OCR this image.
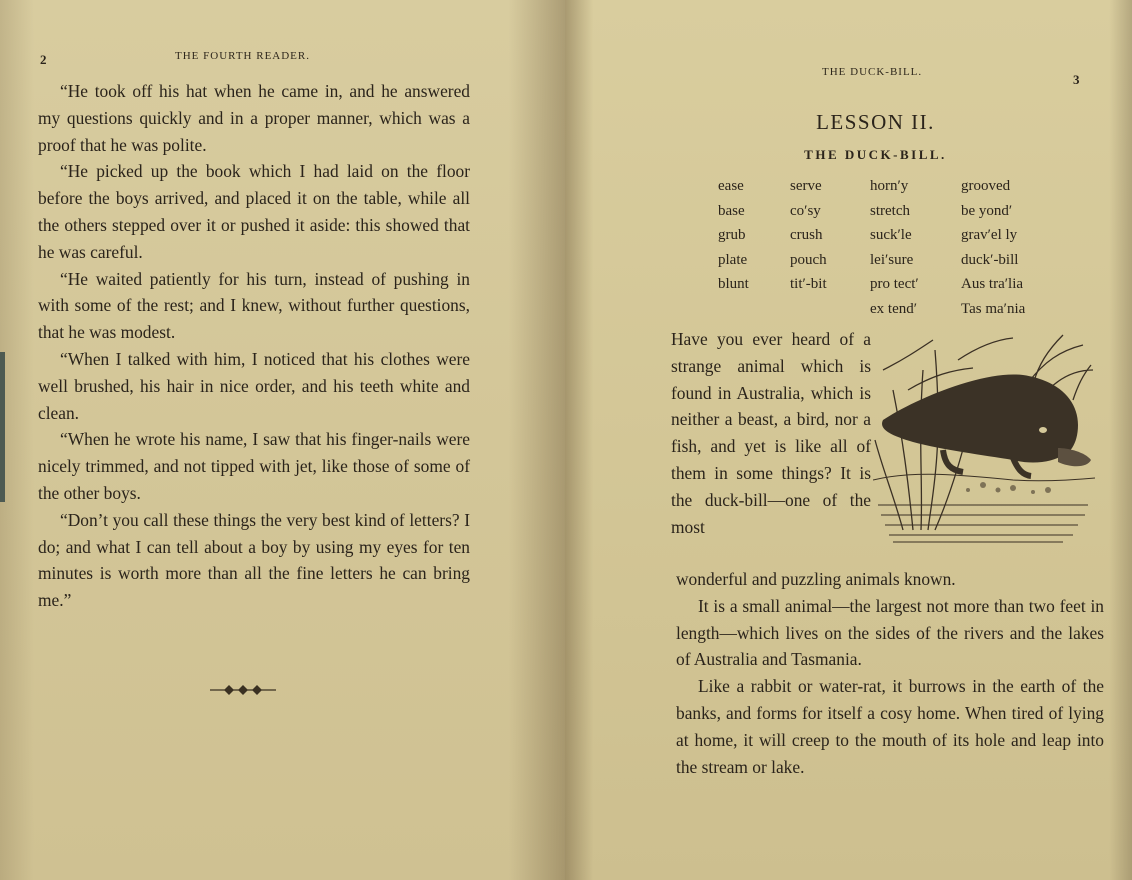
2	THE FOURTH READER.

“He took off his hat when he came in, and he answered my questions quickly and in a proper manner, which was a proof that he was polite.

“He picked up the book which I had laid on the floor before the boys arrived, and placed it on the table, while all the others stepped over it or pushed it aside: this showed that he was careful.

“He waited patiently for his turn, instead of pushing in with some of the rest; and I knew, without further questions, that he was modest.

“When I talked with him, I noticed that his clothes were well brushed, his hair in nice order, and his teeth white and clean.

“When he wrote his name, I saw that his finger-nails were nicely trimmed, and not tipped with jet, like those of some of the other boys.

“Don’t you call these things the very best kind of letters? I do; and what I can tell about a boy by using my eyes for ten minutes is worth more than all the fine letters he can bring me.”

THE DUCK-BILL.	3
LESSON II.
THE DUCK-BILL.
ease
base
grub
plate
blunt
serve
co′sy
crush
pouch
tit′-bit
horn′y
stretch
suck′le
lei′sure
pro tect′
ex tend′
grooved
be yond′
grav′el ly
duck′-bill
Aus tra′lia
Tas ma′nia

Have you ever heard of a strange animal which is found in Australia, which is neither a beast, a bird, nor a fish, and yet is like all of them in some things? It is the duck-bill—one of the most

wonderful and puzzling animals known.

It is a small animal—the largest not more than two feet in length—which lives on the sides of the rivers and the lakes of Australia and Tasmania.

Like a rabbit or water-rat, it burrows in the earth of the banks, and forms for itself a cosy home. When tired of lying at home, it will creep to the mouth of its hole and leap into the stream or lake.
